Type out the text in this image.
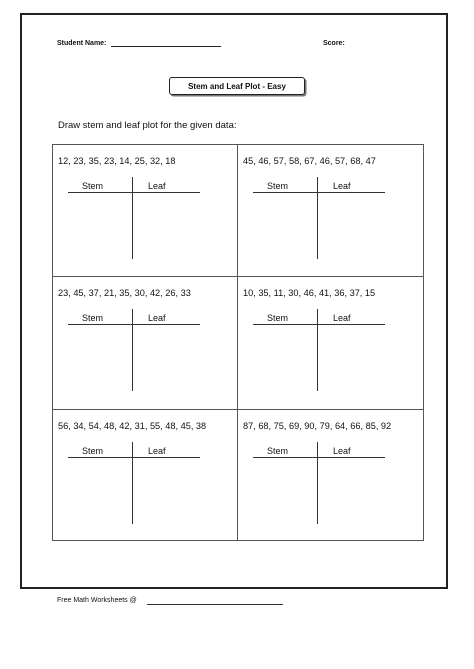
Student Name:	Score:
Stem and Leaf Plot - Easy
Draw stem and leaf plot for the given data:
12, 23, 35, 23, 14, 25, 32, 18
Stem	Leaf
45, 46, 57, 58, 67, 46, 57, 68, 47
Stem	Leaf
23, 45, 37, 21, 35, 30, 42, 26, 33
Stem	Leaf
10, 35, 11, 30, 46, 41, 36, 37, 15
Stem	Leaf
56, 34, 54, 48, 42, 31, 55, 48, 45, 38
Stem	Leaf
87, 68, 75, 69, 90, 79, 64, 66, 85, 92
Stem	Leaf
Free Math Worksheets @
